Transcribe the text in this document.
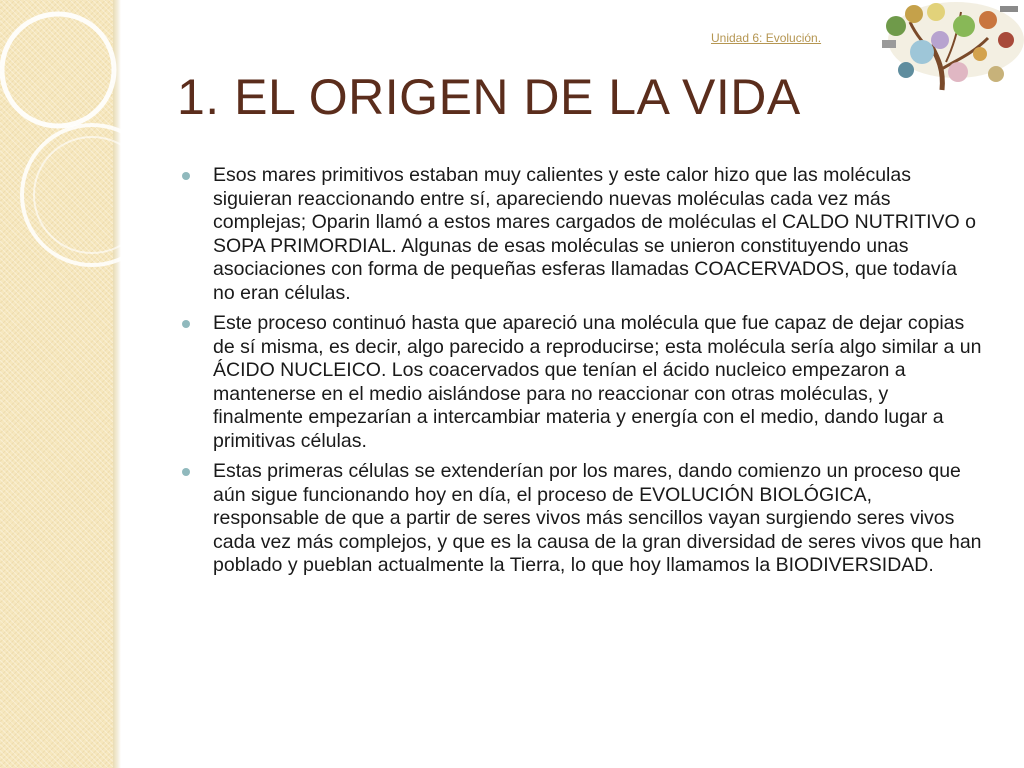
Unidad 6: Evolución.
1. EL ORIGEN DE LA VIDA
Esos mares primitivos estaban muy calientes y este calor hizo que las moléculas siguieran reaccionando entre sí, apareciendo nuevas moléculas cada vez más complejas; Oparin llamó a estos mares cargados de moléculas el CALDO NUTRITIVO o SOPA PRIMORDIAL. Algunas de esas moléculas se unieron constituyendo unas asociaciones con forma de pequeñas esferas llamadas COACERVADOS, que todavía no eran células.
Este proceso continuó hasta que apareció una molécula que fue capaz de dejar copias de sí misma, es decir, algo parecido a reproducirse; esta molécula sería algo similar a un ÁCIDO NUCLEICO. Los coacervados que tenían el ácido nucleico empezaron a mantenerse en el medio aislándose para no reaccionar con otras moléculas, y finalmente empezarían a intercambiar materia y energía con el medio, dando lugar a primitivas células.
Estas primeras células se extenderían por los mares, dando comienzo un proceso que aún sigue funcionando hoy en día, el proceso de EVOLUCIÓN BIOLÓGICA, responsable de que a partir de seres vivos más sencillos vayan surgiendo seres vivos cada vez más complejos, y que es la causa de la gran diversidad de seres vivos que han poblado y pueblan actualmente la Tierra, lo que hoy llamamos la BIODIVERSIDAD.
